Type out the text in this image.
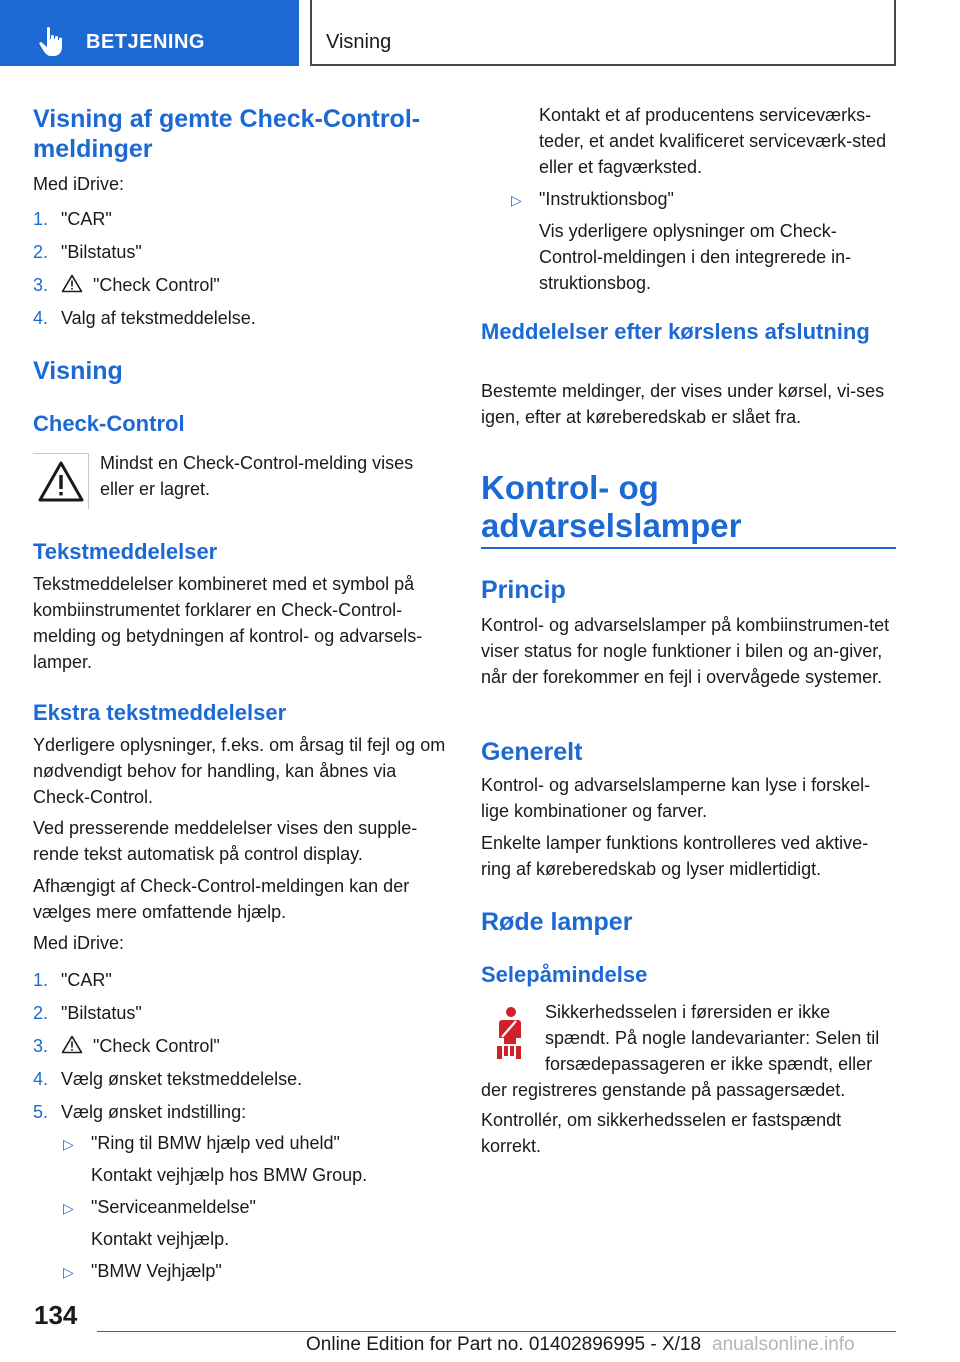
BETJENING	Visning
Visning af gemte Check-Control-meldinger
Med iDrive:
1. "CAR"
2. "Bilstatus"
3.	"Check Control"
4. Valg af tekstmeddelelse.
Visning
Check-Control
Mindst en Check-Control-melding vises eller er lagret.
Tekstmeddelelser
Tekstmeddelelser kombineret med et symbol på kombiinstrumentet forklarer en Check-Control-melding og betydningen af kontrol- og advarsels-lamper.
Ekstra tekstmeddelelser
Yderligere oplysninger, f.eks. om årsag til fejl og om nødvendigt behov for handling, kan åbnes via Check-Control.
Ved presserende meddelelser vises den supple-rende tekst automatisk på control display.
Afhængigt af Check-Control-meldingen kan der vælges mere omfattende hjælp.
Med iDrive:
1. "CAR"
2. "Bilstatus"
3.	"Check Control"
4. Vælg ønsket tekstmeddelelse.
5. Vælg ønsket indstilling:
▷ "Ring til BMW hjælp ved uheld"
Kontakt vejhjælp hos BMW Group.
▷ "Serviceanmeldelse"
Kontakt vejhjælp.
▷ "BMW Vejhjælp"
Kontakt et af producentens serviceværks-teder, et andet kvalificeret serviceværk-sted eller et fagværksted.
▷ "Instruktionsbog"
Vis yderligere oplysninger om Check-Control-meldingen i den integrerede in-struktionsbog.
Meddelelser efter kørslens afslutning
Bestemte meldinger, der vises under kørsel, vi-ses igen, efter at køreberedskab er slået fra.
Kontrol- og advarselslamper
Princip
Kontrol- og advarselslamper på kombiinstrumen-tet viser status for nogle funktioner i bilen og an-giver, når der forekommer en fejl i overvågede systemer.
Generelt
Kontrol- og advarselslamperne kan lyse i forskel-lige kombinationer og farver.
Enkelte lamper funktions kontrolleres ved aktive-ring af køreberedskab og lyser midlertidigt.
Røde lamper
Selepåmindelse
Sikkerhedsselen i førersiden er ikke spændt. På nogle landevarianter: Selen til forsædepassageren er ikke spændt, eller der registreres genstande på passagersædet.
Kontrollér, om sikkerhedsselen er fastspændt korrekt.
134
Online Edition for Part no. 01402896995 - X/18 anualsonline.info
